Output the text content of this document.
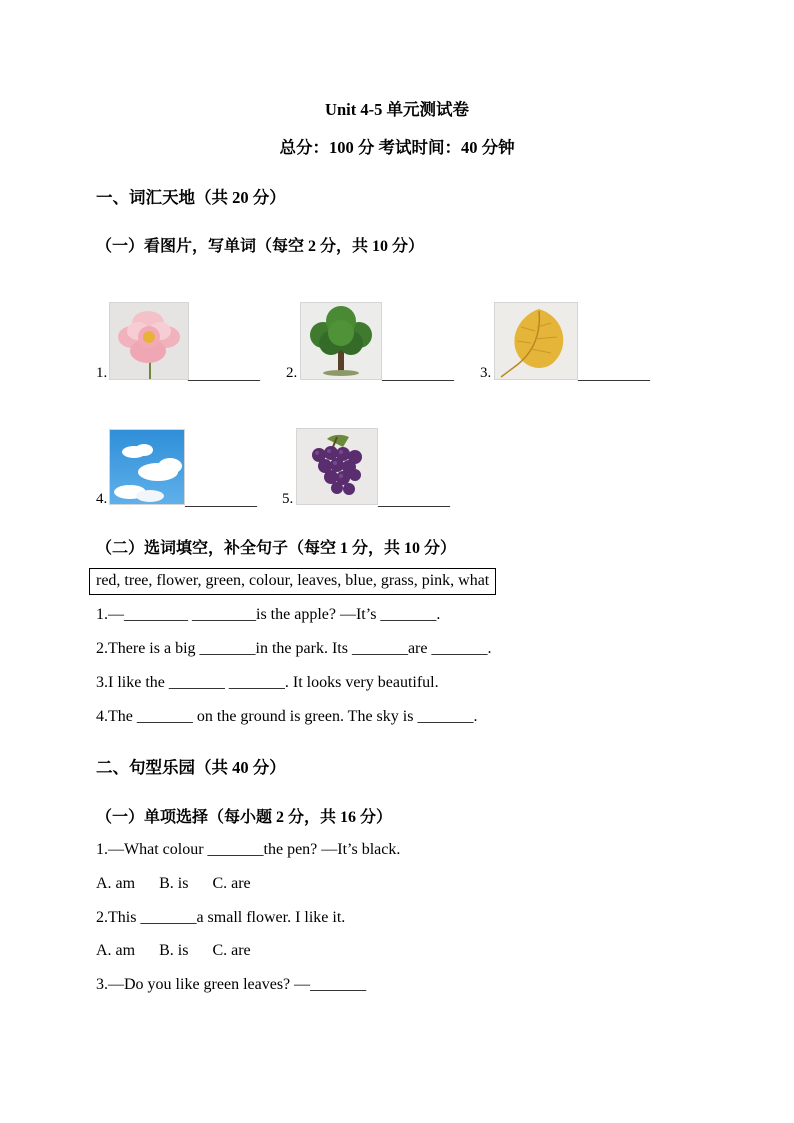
Unit 4-5 单元测试卷
总分：100 分 考试时间：40 分钟
一、词汇天地（共 20 分）
（一）看图片，写单词（每空 2 分，共 10 分）
1.	_________ 2.	_________ 3.	_________
4.	_________ 5.	_________
（二）选词填空，补全句子（每空 1 分，共 10 分）
red, tree, flower, green, colour, leaves, blue, grass, pink, what
1.—________ ________is the apple? —It’s _______.
2.There is a big _______in the park. Its _______are _______.
3.I like the _______ _______. It looks very beautiful.
4.The _______ on the ground is green. The sky is _______.
二、句型乐园（共 40 分）
（一）单项选择（每小题 2 分，共 16 分）
1.—What colour _______the pen? —It’s black.
A. am      B. is      C. are
2.This _______a small flower. I like it.
A. am      B. is      C. are
3.—Do you like green leaves? —_______
